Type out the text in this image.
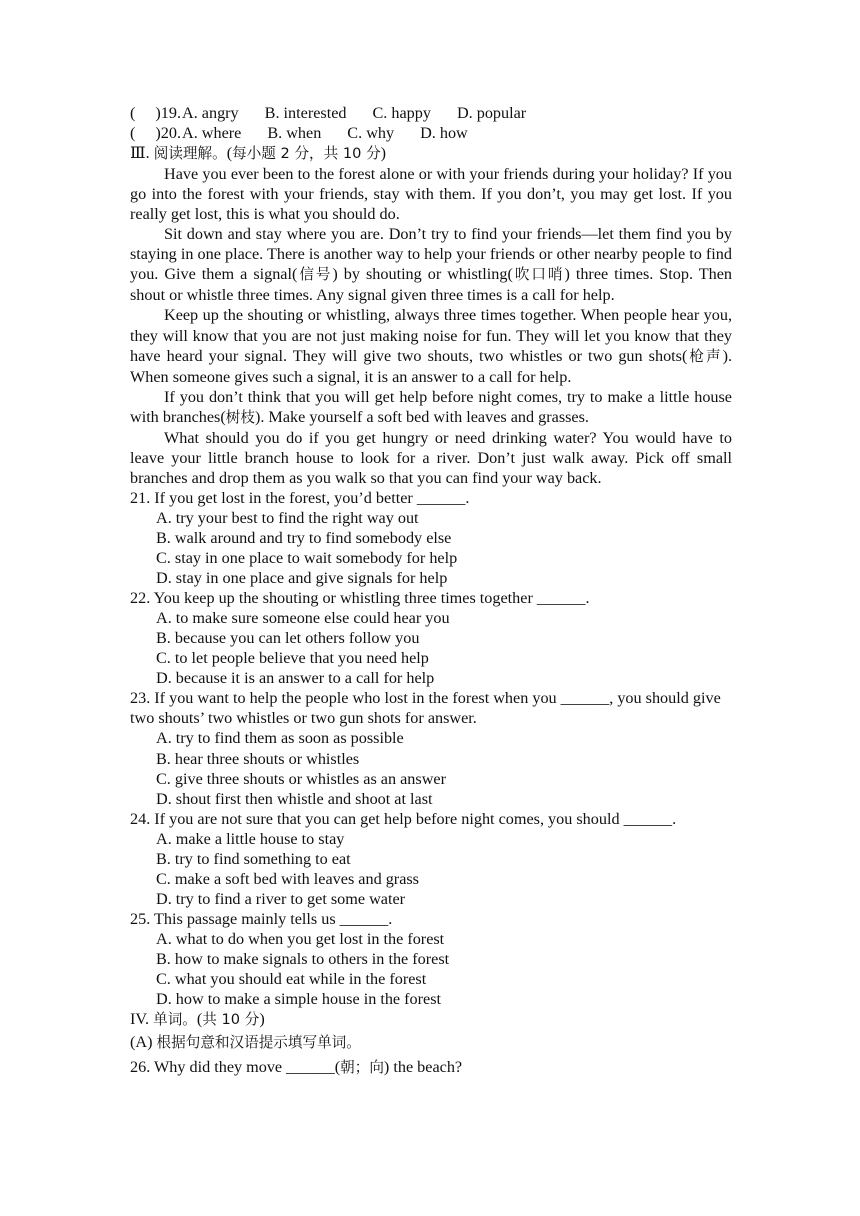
( )19.A. angry B. interested C. happy D. popular
( )20.A. where B. when C. why D. how
Ⅲ. 阅读理解。(每小题 2 分，共 10 分)

Have you ever been to the forest alone or with your friends during your holiday? If you go into the forest with your friends, stay with them. If you don’t, you may get lost. If you really get lost, this is what you should do.

Sit down and stay where you are. Don’t try to find your friends—let them find you by staying in one place. There is another way to help your friends or other nearby people to find you. Give them a signal(信号) by shouting or whistling(吹口哨) three times. Stop. Then shout or whistle three times. Any signal given three times is a call for help.

Keep up the shouting or whistling, always three times together. When people hear you, they will know that you are not just making noise for fun. They will let you know that they have heard your signal. They will give two shouts, two whistles or two gun shots(枪声). When someone gives such a signal, it is an answer to a call for help.

If you don’t think that you will get help before night comes, try to make a little house with branches(树枝). Make yourself a soft bed with leaves and grasses.

What should you do if you get hungry or need drinking water? You would have to leave your little branch house to look for a river. Don’t just walk away. Pick off small branches and drop them as you walk so that you can find your way back.

21. If you get lost in the forest, you’d better ______.

A. try your best to find the right way out

B. walk around and try to find somebody else

C. stay in one place to wait somebody for help

D. stay in one place and give signals for help

22. You keep up the shouting or whistling three times together ______.

A. to make sure someone else could hear you

B. because you can let others follow you

C. to let people believe that you need help

D. because it is an answer to a call for help

23. If you want to help the people who lost in the forest when you ______, you should give two shouts’ two whistles or two gun shots for answer.

A. try to find them as soon as possible

B. hear three shouts or whistles

C. give three shouts or whistles as an answer

D. shout first then whistle and shoot at last

24. If you are not sure that you can get help before night comes, you should ______.

A. make a little house to stay

B. try to find something to eat

C. make a soft bed with leaves and grass

D. try to find a river to get some water

25. This passage mainly tells us ______.

A. what to do when you get lost in the forest

B. how to make signals to others in the forest

C. what you should eat while in the forest

D. how to make a simple house in the forest

IV. 单词。(共 10 分)
(A) 根据句意和汉语提示填写单词。
26. Why did they move ______(朝；向) the beach?
